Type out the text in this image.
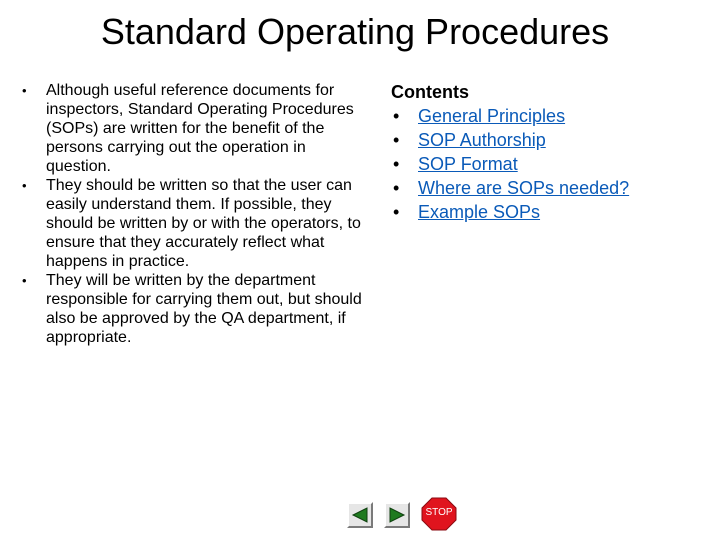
Standard Operating Procedures
• Although useful reference documents for inspectors, Standard Operating Procedures (SOPs) are written for the benefit of the persons carrying out the operation in question.
• They should be written so that the user can easily understand them. If possible, they should be written by or with the operators, to ensure that they accurately reflect what happens in practice.
• They will be written by the department responsible for carrying them out, but should also be approved by the QA department, if appropriate.
Contents
• General Principles
• SOP Authorship
• SOP Format
• Where are SOPs needed?
• Example SOPs
STOP
